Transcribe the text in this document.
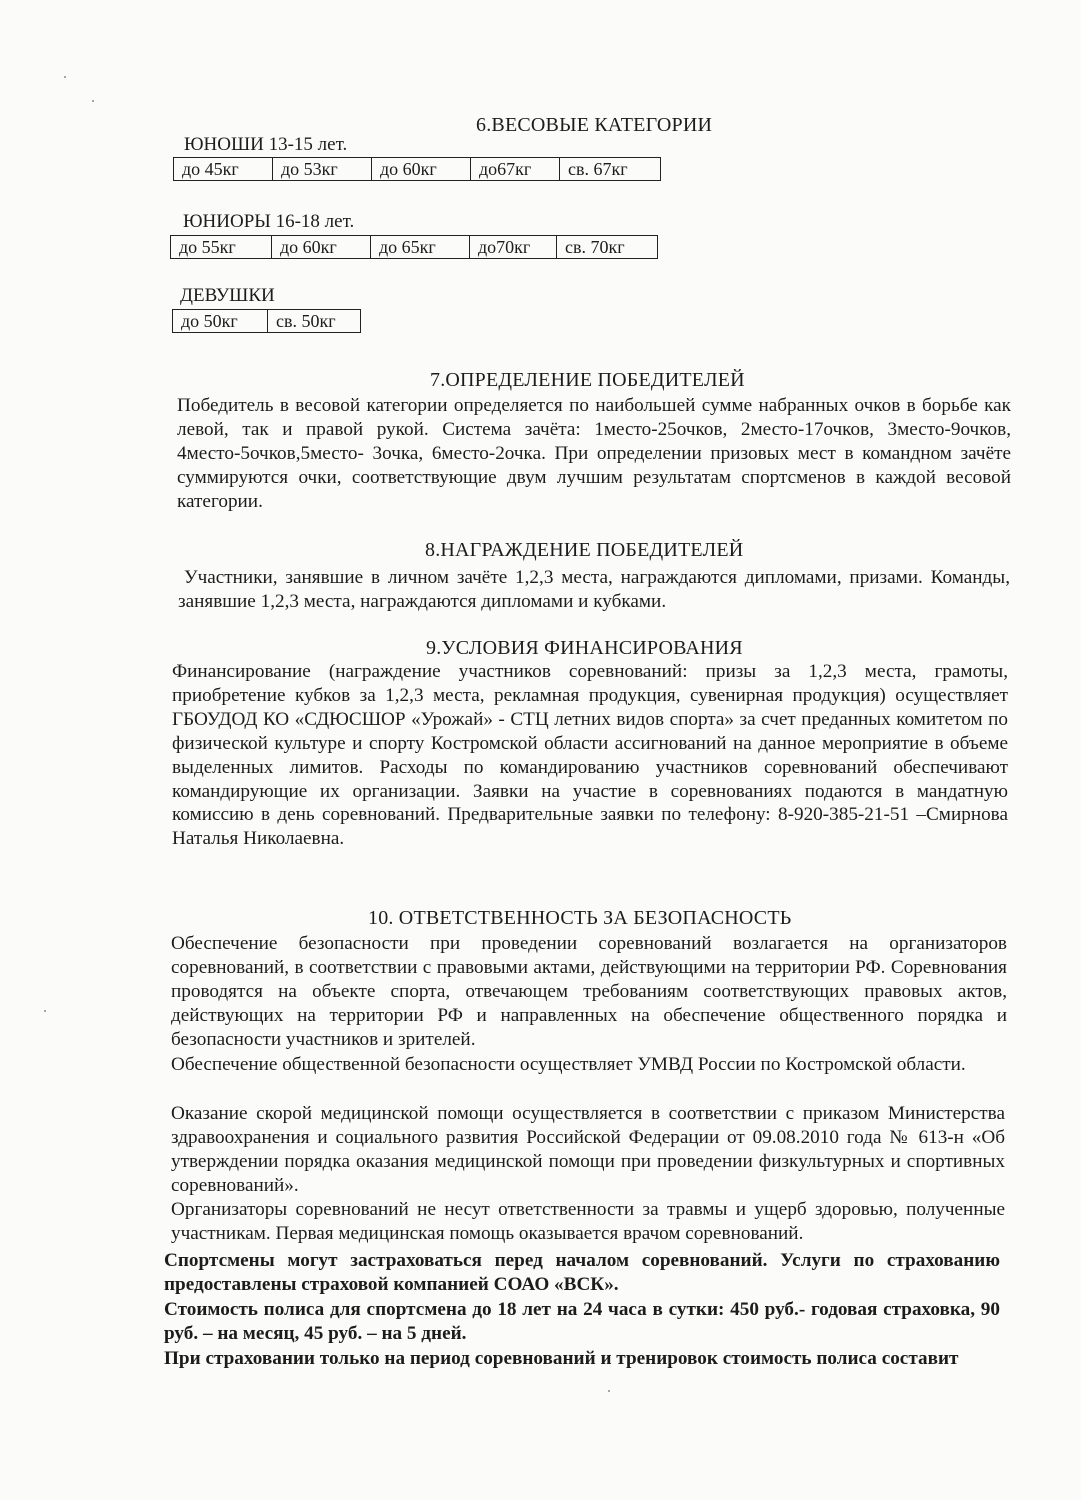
6.ВЕСОВЫЕ КАТЕГОРИИ
ЮНОШИ 13-15 лет.
до 45кг	до 53кг	до 60кг	до67кг	св. 67кг
ЮНИОРЫ 16-18 лет.
до 55кг	до 60кг	до 65кг	до70кг	св. 70кг
ДЕВУШКИ
до 50кг	св. 50кг
7.ОПРЕДЕЛЕНИЕ ПОБЕДИТЕЛЕЙ

Победитель в весовой категории определяется по наибольшей сумме набранных очков в борьбе как левой, так и правой рукой. Система зачёта: 1место-25очков, 2место-17очков, 3место-9очков, 4место-5очков,5место- 3очка, 6место-2очка. При определении призовых мест в командном зачёте суммируются очки, соответствующие двум лучшим результатам спортсменов в каждой весовой категории.

8.НАГРАЖДЕНИЕ ПОБЕДИТЕЛЕЙ

Участники, занявшие в личном зачёте 1,2,3 места, награждаются дипломами, призами. Команды, занявшие 1,2,3 места, награждаются дипломами и кубками.

9.УСЛОВИЯ ФИНАНСИРОВАНИЯ

Финансирование (награждение участников соревнований: призы за 1,2,3 места, грамоты, приобретение кубков за 1,2,3 места, рекламная продукция, сувенирная продукция) осуществляет ГБОУДОД КО «СДЮСШОР «Урожай» - СТЦ летних видов спорта» за счет преданных комитетом по физической культуре и спорту Костромской области ассигнований на данное мероприятие в объеме выделенных лимитов. Расходы по командированию участников соревнований обеспечивают командирующие их организации. Заявки на участие в соревнованиях подаются в мандатную комиссию в день соревнований. Предварительные заявки по телефону: 8-920-385-21-51 –Смирнова Наталья Николаевна.

10. ОТВЕТСТВЕННОСТЬ ЗА БЕЗОПАСНОСТЬ

Обеспечение безопасности при проведении соревнований возлагается на организаторов соревнований, в соответствии с правовыми актами, действующими на территории РФ. Соревнования проводятся на объекте спорта, отвечающем требованиям соответствующих правовых актов, действующих на территории РФ и направленных на обеспечение общественного порядка и безопасности участников и зрителей.

Обеспечение общественной безопасности осуществляет УМВД России по Костромской области.

Оказание скорой медицинской помощи осуществляется в соответствии с приказом Министерства здравоохранения и социального развития Российской Федерации от 09.08.2010 года № 613-н «Об утверждении порядка оказания медицинской помощи при проведении физкультурных и спортивных соревнований».

Организаторы соревнований не несут ответственности за травмы и ущерб здоровью, полученные участникам. Первая медицинская помощь оказывается врачом соревнований.

Спортсмены могут застраховаться перед началом соревнований. Услуги по страхованию предоставлены страховой компанией СОАО «ВСК».

Стоимость полиса для спортсмена до 18 лет на 24 часа в сутки: 450 руб.- годовая страховка, 90 руб. – на месяц, 45 руб. – на 5 дней.

При страховании только на период соревнований и тренировок стоимость полиса составит
